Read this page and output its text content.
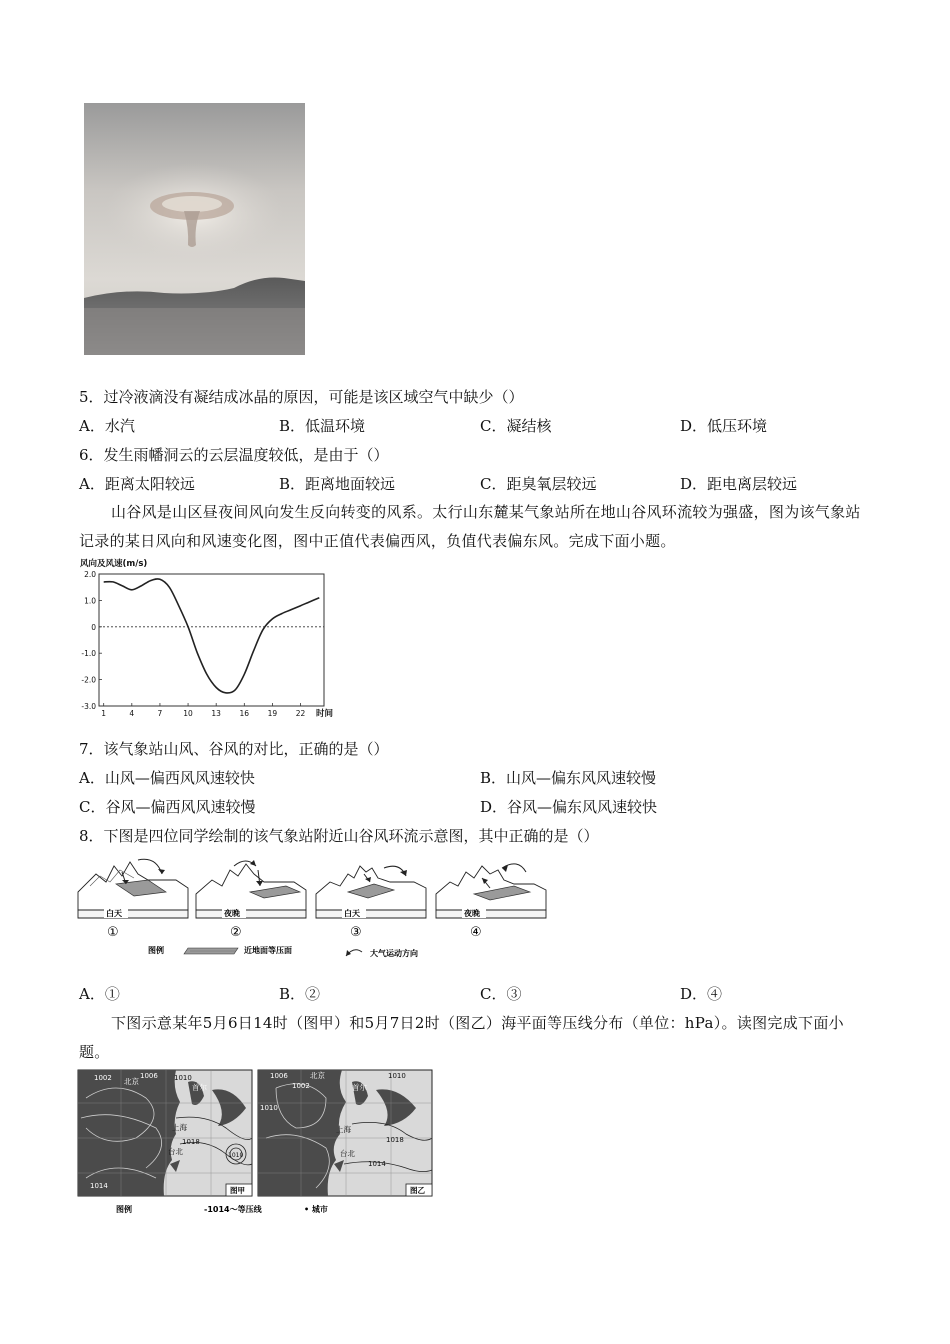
5．过冷液滴没有凝结成冰晶的原因，可能是该区域空气中缺少（）
A．水汽	B．低温环境	C．凝结核	D．低压环境
6．发生雨幡洞云的云层温度较低，是由于（）
A．距离太阳较远	B．距离地面较远	C．距臭氧层较远	D．距电离层较远
山谷风是山区昼夜间风向发生反向转变的风系。太行山东麓某气象站所在地山谷风环流较为强盛，图为该气象站记录的某日风向和风速变化图，图中正值代表偏西风，负值代表偏东风。完成下面小题。
风向及风速(m/s)
2.0
1.0
0
-1.0
-2.0
-3.0
1	4	7	10 13 16 19 22 时间
7．该气象站山风、谷风的对比，正确的是（）
A．山风—偏西风风速较快	B．山风—偏东风风速较慢
C．谷风—偏西风风速较慢	D．谷风—偏东风风速较快
8．下图是四位同学绘制的该气象站附近山谷风环流示意图，其中正确的是（）
白天
①
夜晚
②
白天
③
夜晚
④
图例	近地面等压面	大气运动方向
A．①	B．②	C．③	D．④
下图示意某年5月6日14时（图甲）和5月7日2时（图乙）海平面等压线分布（单位：hPa）。读图完成下面小题。
1002	1006 1010
北京
首尔
上海
1018
台北	1010
1014	图甲
1006
1002
北京
1010
首尔
1010
上海
1018
台北
1014
图乙
图例	-1014～等压线	• 城市
